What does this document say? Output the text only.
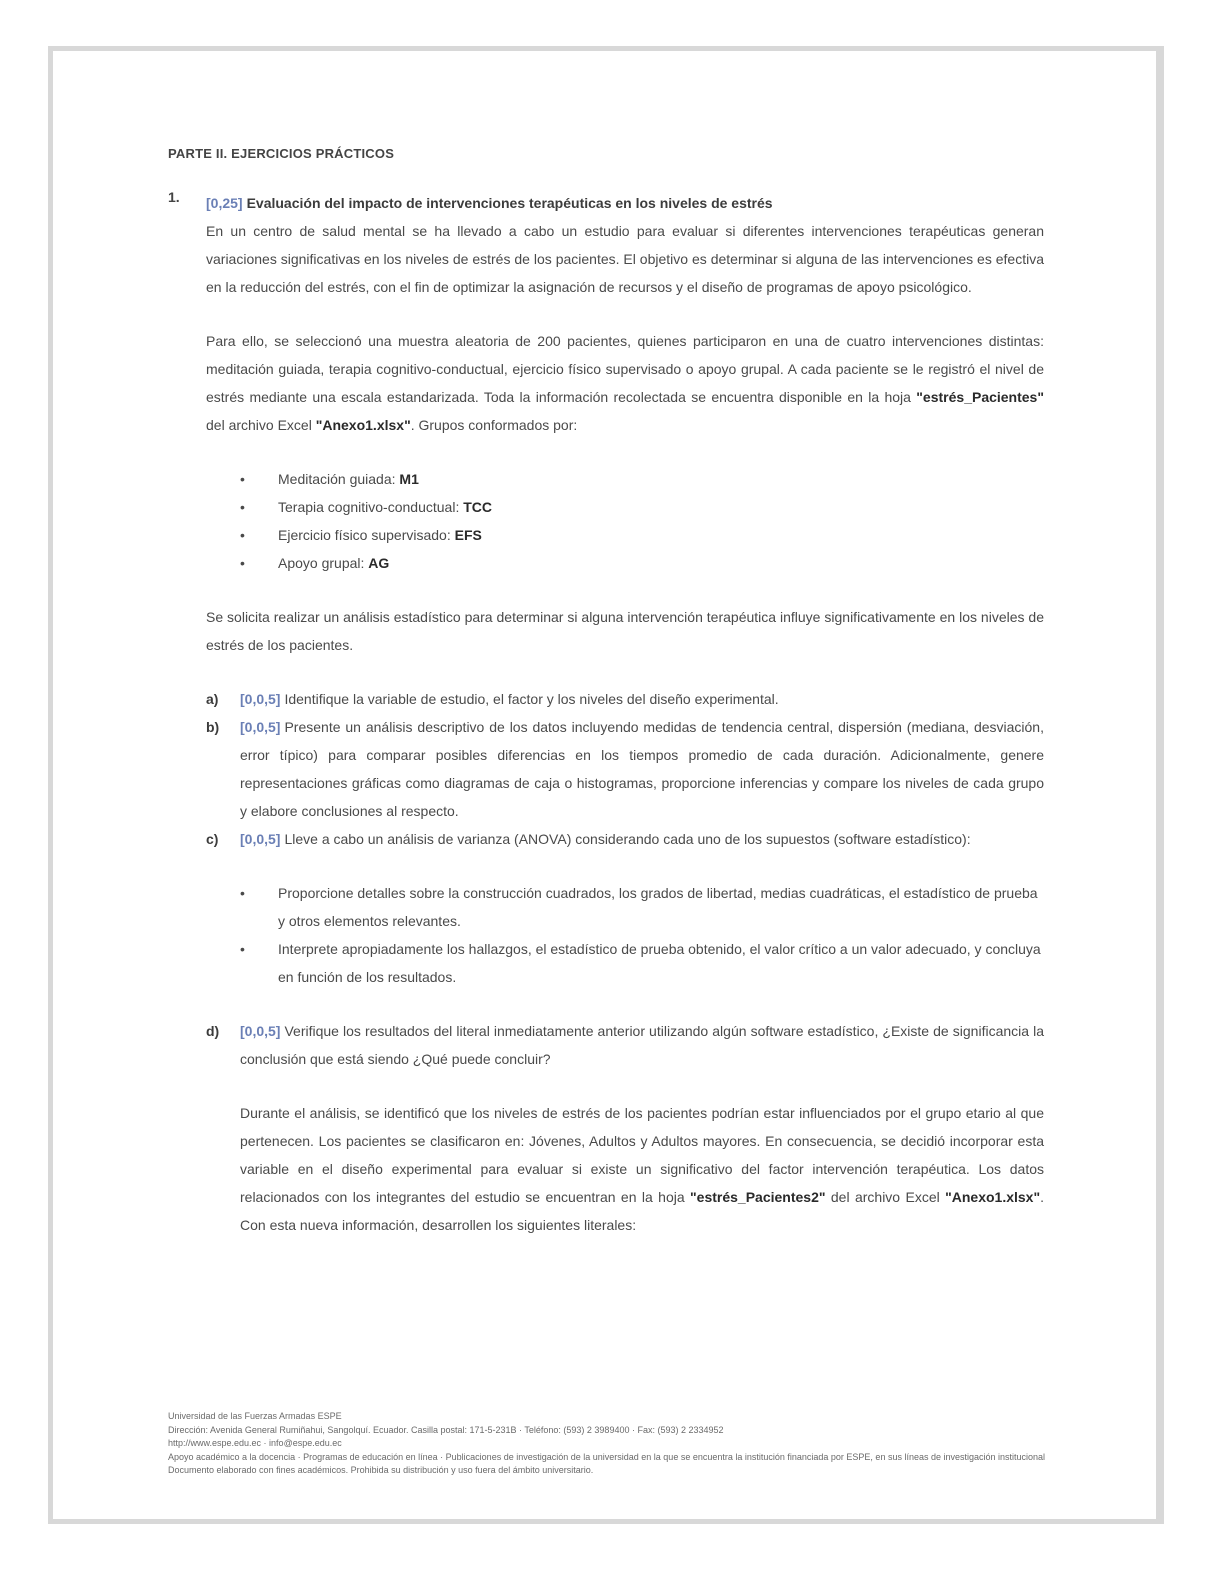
PARTE II. EJERCICIOS PRÁCTICOS
1.	[0,25] Evaluación del impacto de intervenciones terapéuticas en los niveles de estrés
En un centro de salud mental se ha llevado a cabo un estudio para evaluar si diferentes intervenciones terapéuticas generan variaciones significativas en los niveles de estrés de los pacientes. El objetivo es determinar si alguna de las intervenciones es efectiva en la reducción del estrés, con el fin de optimizar la asignación de recursos y el diseño de programas de apoyo psicológico.

Para ello, se seleccionó una muestra aleatoria de 200 pacientes, quienes participaron en una de cuatro intervenciones distintas: meditación guiada, terapia cognitivo-conductual, ejercicio físico supervisado o apoyo grupal. A cada paciente se le registró el nivel de estrés mediante una escala estandarizada. Toda la información recolectada se encuentra disponible en la hoja "estrés_Pacientes" del archivo Excel "Anexo1.xlsx". Grupos conformados por:

•	Meditación guiada: M1
•	Terapia cognitivo-conductual: TCC
•	Ejercicio físico supervisado: EFS
•	Apoyo grupal: AG

Se solicita realizar un análisis estadístico para determinar si alguna intervención terapéutica influye significativamente en los niveles de estrés de los pacientes.

a)	[0,0,5] Identifique la variable de estudio, el factor y los niveles del diseño experimental.
b)	[0,0,5] Presente un análisis descriptivo de los datos incluyendo medidas de tendencia central, dispersión (mediana, desviación, error típico) para comparar posibles diferencias en los tiempos promedio de cada duración. Adicionalmente, genere representaciones gráficas como diagramas de caja o histogramas, proporcione inferencias y compare los niveles de cada grupo y elabore conclusiones al respecto.
c)	[0,0,5] Lleve a cabo un análisis de varianza (ANOVA) considerando cada uno de los supuestos (software estadístico):
•	Proporcione detalles sobre la construcción cuadrados, los grados de libertad, medias cuadráticas, el estadístico de prueba y otros elementos relevantes.
•	Interprete apropiadamente los hallazgos, el estadístico de prueba obtenido, el valor crítico a un valor adecuado, y concluya en función de los resultados.
d)	[0,0,5] Verifique los resultados del literal inmediatamente anterior utilizando algún software estadístico, ¿Existe de significancia la conclusión que está siendo ¿Qué puede concluir?

Durante el análisis, se identificó que los niveles de estrés de los pacientes podrían estar influenciados por el grupo etario al que pertenecen. Los pacientes se clasificaron en: Jóvenes, Adultos y Adultos mayores. En consecuencia, se decidió incorporar esta variable en el diseño experimental para evaluar si existe un significativo del factor intervención terapéutica. Los datos relacionados con los integrantes del estudio se encuentran en la hoja "estrés_Pacientes2" del archivo Excel "Anexo1.xlsx". Con esta nueva información, desarrollen los siguientes literales:

Universidad de las Fuerzas Armadas ESPE
Dirección: Avenida General Rumiñahui, Sangolquí. Ecuador. Casilla postal: 171-5-231B · Teléfono: (593) 2 3989400 · Fax: (593) 2 2334952
http://www.espe.edu.ec · info@espe.edu.ec
Apoyo académico a la docencia · Programas de educación en línea · Publicaciones de investigación de la universidad en la que se encuentra la institución financiada por ESPE, en sus líneas de investigación institucional
Documento elaborado con fines académicos. Prohibida su distribución y uso fuera del ámbito universitario.
